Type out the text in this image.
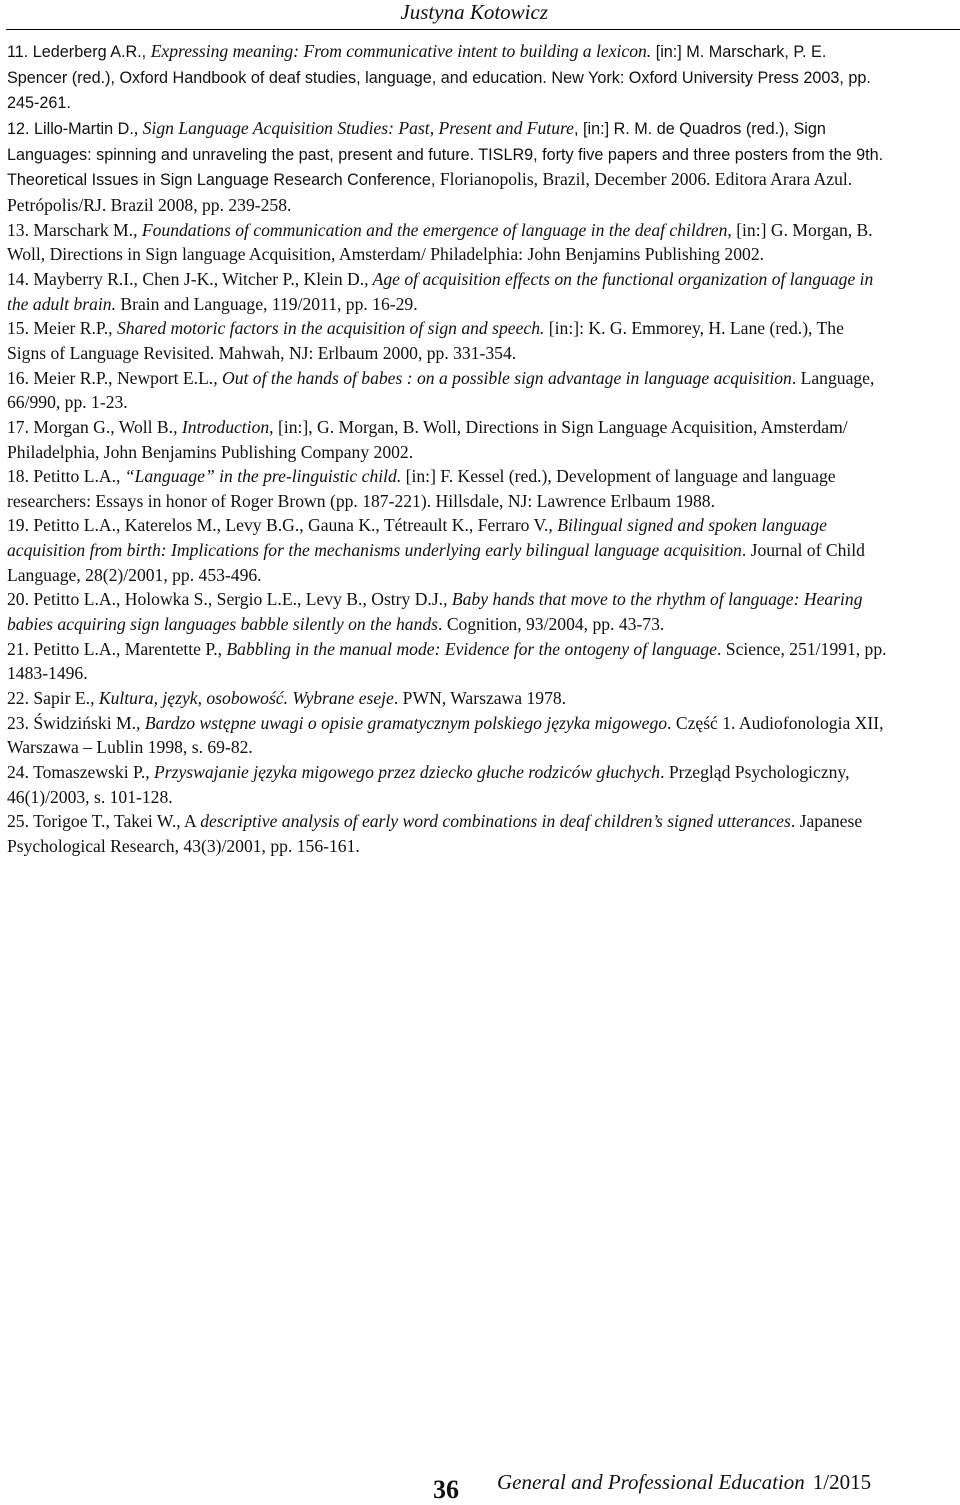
Justyna Kotowicz

11. Lederberg A.R., Expressing meaning: From communicative intent to building a lexicon. [in:] M. Marschark, P. E. Spencer (red.), Oxford Handbook of deaf studies, language, and education. New York: Oxford University Press 2003, pp. 245-261.

12. Lillo-Martin D., Sign Language Acquisition Studies: Past, Present and Future, [in:] R. M. de Quadros (red.), Sign Languages: spinning and unraveling the past, present and future. TISLR9, forty five papers and three posters from the 9th. Theoretical Issues in Sign Language Research Conference, Florianopolis, Brazil, December 2006. Editora Arara Azul. Petrópolis/RJ. Brazil 2008, pp. 239-258.

13. Marschark M., Foundations of communication and the emergence of language in the deaf children, [in:] G. Morgan, B. Woll, Directions in Sign language Acquisition, Amsterdam/ Philadelphia: John Benjamins Publishing 2002.

14. Mayberry R.I., Chen J-K., Witcher P., Klein D., Age of acquisition effects on the functional organization of language in the adult brain. Brain and Language, 119/2011, pp. 16-29.

15. Meier R.P., Shared motoric factors in the acquisition of sign and speech. [in:]: K. G. Emmorey, H. Lane (red.), The Signs of Language Revisited. Mahwah, NJ: Erlbaum 2000, pp. 331-354.

16. Meier R.P., Newport E.L., Out of the hands of babes : on a possible sign advantage in language acquisition. Language, 66/990, pp. 1-23.

17. Morgan G., Woll B., Introduction, [in:], G. Morgan, B. Woll, Directions in Sign Language Acquisition, Amsterdam/ Philadelphia, John Benjamins Publishing Company 2002.

18. Petitto L.A., “Language” in the pre-linguistic child. [in:] F. Kessel (red.), Development of language and language researchers: Essays in honor of Roger Brown (pp. 187-221). Hillsdale, NJ: Lawrence Erlbaum 1988.

19. Petitto L.A., Katerelos M., Levy B.G., Gauna K., Tétreault K., Ferraro V., Bilingual signed and spoken language acquisition from birth: Implications for the mechanisms underlying early bilingual language acquisition. Journal of Child Language, 28(2)/2001, pp. 453-496.

20. Petitto L.A., Holowka S., Sergio L.E., Levy B., Ostry D.J., Baby hands that move to the rhythm of language: Hearing babies acquiring sign languages babble silently on the hands. Cognition, 93/2004, pp. 43-73.

21. Petitto L.A., Marentette P., Babbling in the manual mode: Evidence for the ontogeny of language. Science, 251/1991, pp. 1483-1496.

22. Sapir E., Kultura, język, osobowość. Wybrane eseje. PWN, Warszawa 1978.

23. Świdziński M., Bardzo wstępne uwagi o opisie gramatycznym polskiego języka migowego. Część 1. Audiofonologia XII, Warszawa – Lublin 1998, s. 69-82.

24. Tomaszewski P., Przyswajanie języka migowego przez dziecko głuche rodziców głuchych. Przegląd Psychologiczny, 46(1)/2003, s. 101-128.

25. Torigoe T., Takei W., A descriptive analysis of early word combinations in deaf children’s signed utterances. Japanese Psychological Research, 43(3)/2001, pp. 156-161.

36 General and Professional Education 1/2015
